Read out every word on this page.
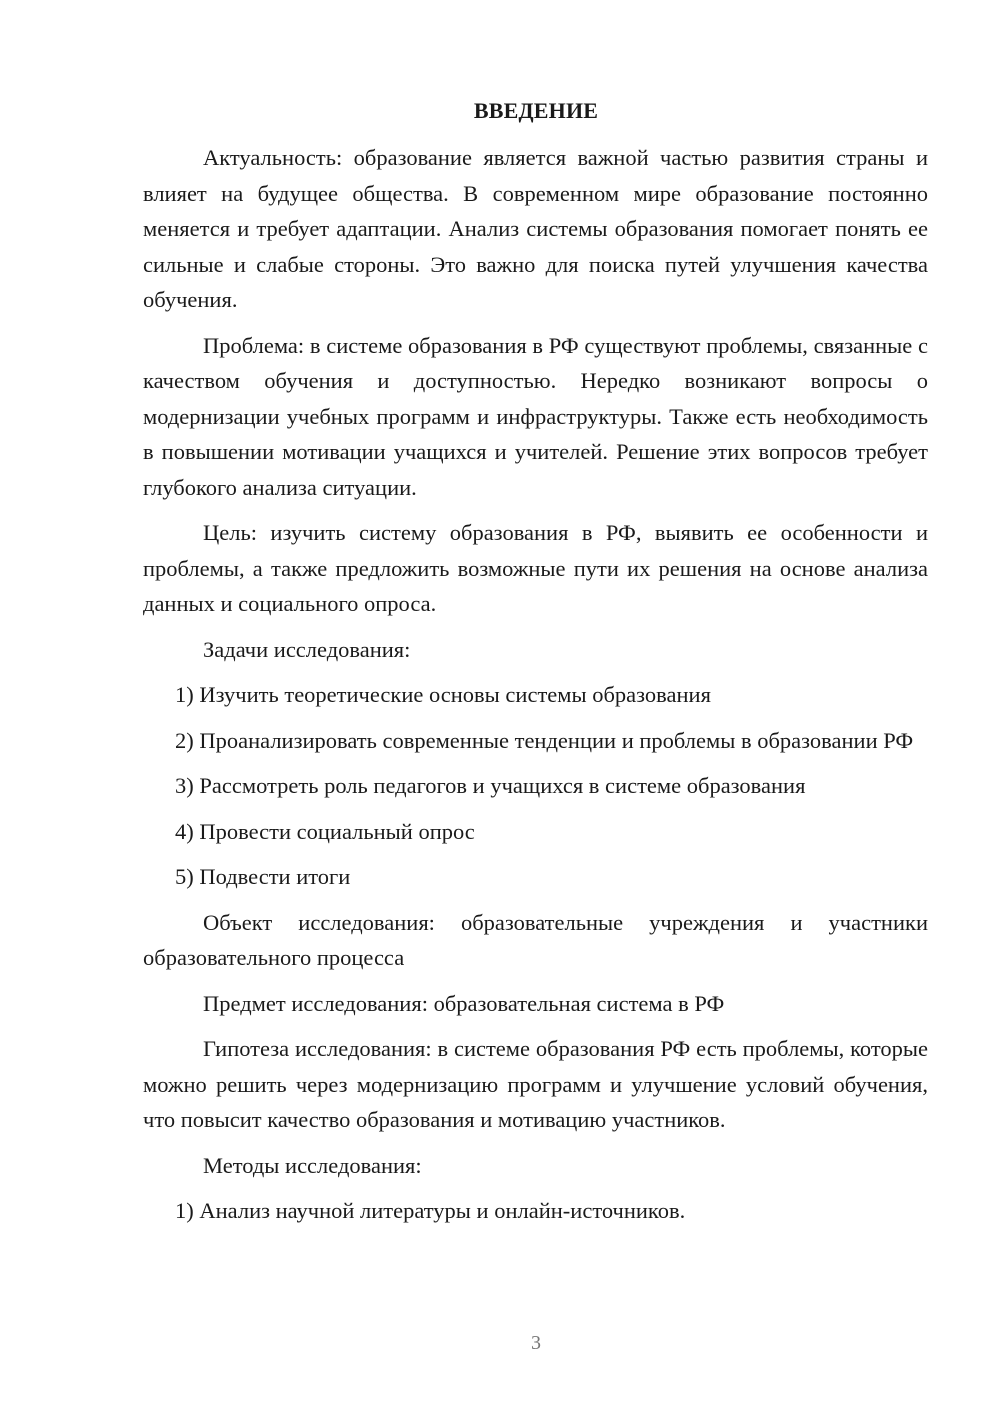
ВВЕДЕНИЕ

Актуальность: образование является важной частью развития страны и влияет на будущее общества. В современном мире образование постоянно меняется и требует адаптации. Анализ системы образования помогает понять ее сильные и слабые стороны. Это важно для поиска путей улучшения качества обучения.

Проблема: в системе образования в РФ существуют проблемы, связанные с качеством обучения и доступностью. Нередко возникают вопросы о модернизации учебных программ и инфраструктуры. Также есть необходимость в повышении мотивации учащихся и учителей. Решение этих вопросов требует глубокого анализа ситуации.

Цель: изучить систему образования в РФ, выявить ее особенности и проблемы, а также предложить возможные пути их решения на основе анализа данных и социального опроса.

Задачи исследования:

1) Изучить теоретические основы системы образования

2) Проанализировать современные тенденции и проблемы в образовании РФ

3) Рассмотреть роль педагогов и учащихся в системе образования

4) Провести социальный опрос

5) Подвести итоги

Объект исследования: образовательные учреждения и участники образовательного процесса

Предмет исследования: образовательная система в РФ

Гипотеза исследования: в системе образования РФ есть проблемы, которые можно решить через модернизацию программ и улучшение условий обучения, что повысит качество образования и мотивацию участников.

Методы исследования:

1) Анализ научной литературы и онлайн-источников.

3
